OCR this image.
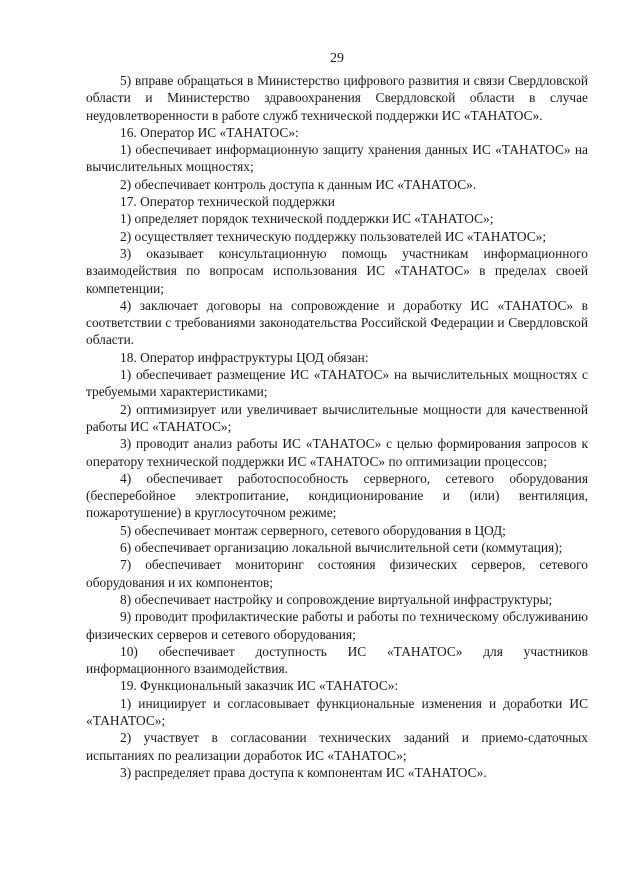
29

5) вправе обращаться в Министерство цифрового развития и связи Свердловской области и Министерство здравоохранения Свердловской области в случае неудовлетворенности в работе служб технической поддержки ИС «ТАНАТОС».

16. Оператор ИС «ТАНАТОС»:

1) обеспечивает информационную защиту хранения данных ИС «ТАНАТОС» на вычислительных мощностях;

2) обеспечивает контроль доступа к данным ИС «ТАНАТОС».

17. Оператор технической поддержки

1) определяет порядок технической поддержки ИС «ТАНАТОС»;

2) осуществляет техническую поддержку пользователей ИС «ТАНАТОС»;

3) оказывает консультационную помощь участникам информационного взаимодействия по вопросам использования ИС «ТАНАТОС» в пределах своей компетенции;

4) заключает договоры на сопровождение и доработку ИС «ТАНАТОС» в соответствии с требованиями законодательства Российской Федерации и Свердловской области.

18. Оператор инфраструктуры ЦОД обязан:

1) обеспечивает размещение ИС «ТАНАТОС» на вычислительных мощностях с требуемыми характеристиками;

2) оптимизирует или увеличивает вычислительные мощности для качественной работы ИС «ТАНАТОС»;

3) проводит анализ работы ИС «ТАНАТОС» с целью формирования запросов к оператору технической поддержки ИС «ТАНАТОС» по оптимизации процессов;

4) обеспечивает работоспособность серверного, сетевого оборудования (бесперебойное электропитание, кондиционирование и (или) вентиляция, пожаротушение) в круглосуточном режиме;

5) обеспечивает монтаж серверного, сетевого оборудования в ЦОД;

6) обеспечивает организацию локальной вычислительной сети (коммутация);

7) обеспечивает мониторинг состояния физических серверов, сетевого оборудования и их компонентов;

8) обеспечивает настройку и сопровождение виртуальной инфраструктуры;

9) проводит профилактические работы и работы по техническому обслуживанию физических серверов и сетевого оборудования;

10) обеспечивает доступность ИС «ТАНАТОС» для участников информационного взаимодействия.

19. Функциональный заказчик ИС «ТАНАТОС»:

1) инициирует и согласовывает функциональные изменения и доработки ИС «ТАНАТОС»;

2) участвует в согласовании технических заданий и приемо-сдаточных испытаниях по реализации доработок ИС «ТАНАТОС»;

3) распределяет права доступа к компонентам ИС «ТАНАТОС».
